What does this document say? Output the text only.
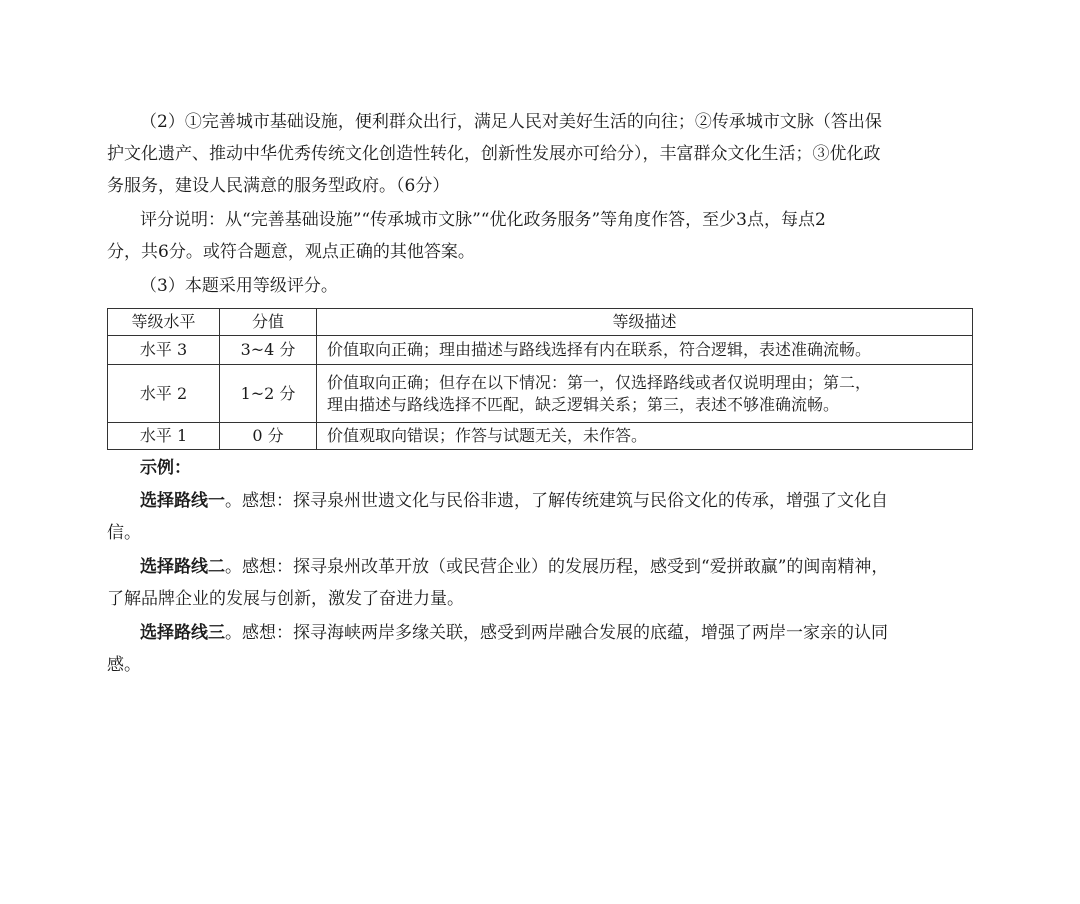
（2）①完善城市基础设施，便利群众出行，满足人民对美好生活的向往；②传承城市文脉（答出保
护文化遗产、推动中华优秀传统文化创造性转化，创新性发展亦可给分），丰富群众文化生活；③优化政
务服务，建设人民满意的服务型政府。（6分）
评分说明：从“完善基础设施”“传承城市文脉”“优化政务服务”等角度作答，至少3点，每点2
分，共6分。或符合题意，观点正确的其他答案。
（3）本题采用等级评分。
等级水平	分值	等级描述
水平 3	3~4 分	价值取向正确；理由描述与路线选择有内在联系，符合逻辑，表述准确流畅。
水平 2	1~2 分	价值取向正确；但存在以下情况：第一，仅选择路线或者仅说明理由；第二，
理由描述与路线选择不匹配，缺乏逻辑关系；第三，表述不够准确流畅。

水平 1	0 分	价值观取向错误；作答与试题无关，未作答。
示例：
选择路线一。感想：探寻泉州世遗文化与民俗非遗，了解传统建筑与民俗文化的传承，增强了文化自
信。
选择路线二。感想：探寻泉州改革开放（或民营企业）的发展历程，感受到“爱拼敢赢”的闽南精神，
了解品牌企业的发展与创新，激发了奋进力量。
选择路线三。感想：探寻海峡两岸多缘关联，感受到两岸融合发展的底蕴，增强了两岸一家亲的认同
感。
